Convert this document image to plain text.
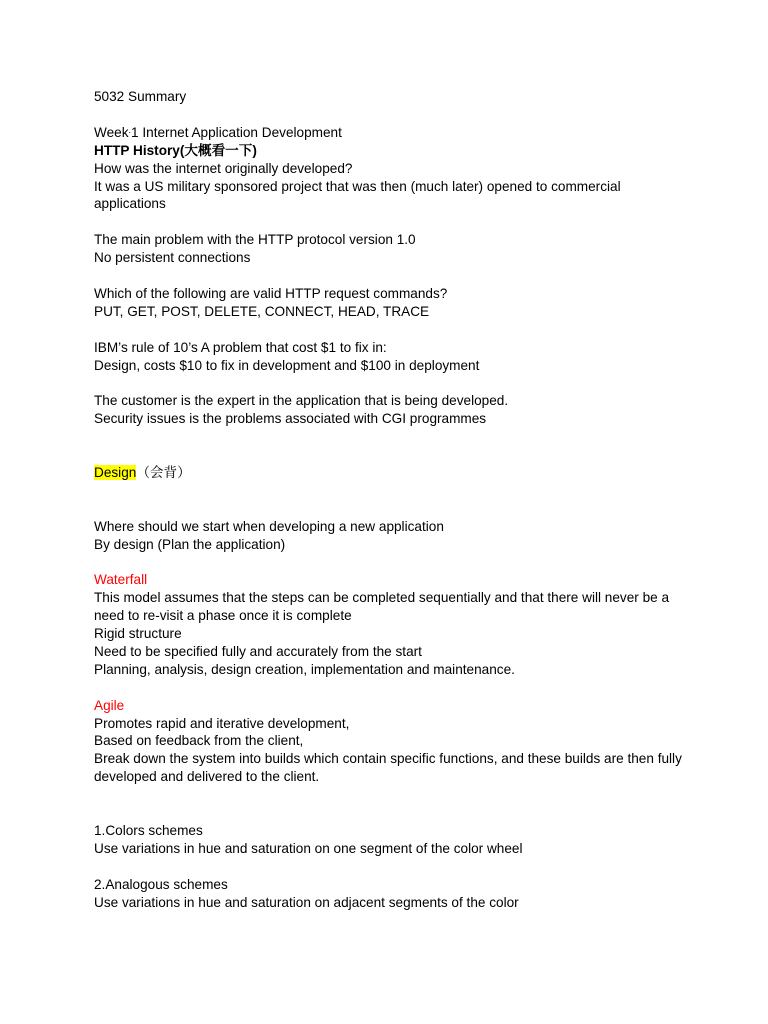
5032 Summary
Week.1 Internet Application Development
HTTP History(大概看一下)
How was the internet originally developed?
It was a US military sponsored project that was then (much later) opened to commercial applications
The main problem with the HTTP protocol version 1.0
No persistent connections
Which of the following are valid HTTP request commands?
PUT, GET, POST, DELETE, CONNECT, HEAD, TRACE
IBM’s rule of 10’s A problem that cost $1 to fix in:
Design, costs $10 to fix in development and $100 in deployment
The customer is the expert in the application that is being developed.
Security issues is the problems associated with CGI programmes
Design（会背）
Where should we start when developing a new application
By design (Plan the application)
Waterfall
This model assumes that the steps can be completed sequentially and that there will never be a need to re-visit a phase once it is complete
Rigid structure
Need to be specified fully and accurately from the start
Planning, analysis, design creation, implementation and maintenance.
Agile
Promotes rapid and iterative development,
Based on feedback from the client,
Break down the system into builds which contain specific functions, and these builds are then fully developed and delivered to the client.
1.Colors schemes
Use variations in hue and saturation on one segment of the color wheel
2.Analogous schemes
Use variations in hue and saturation on adjacent segments of the color
